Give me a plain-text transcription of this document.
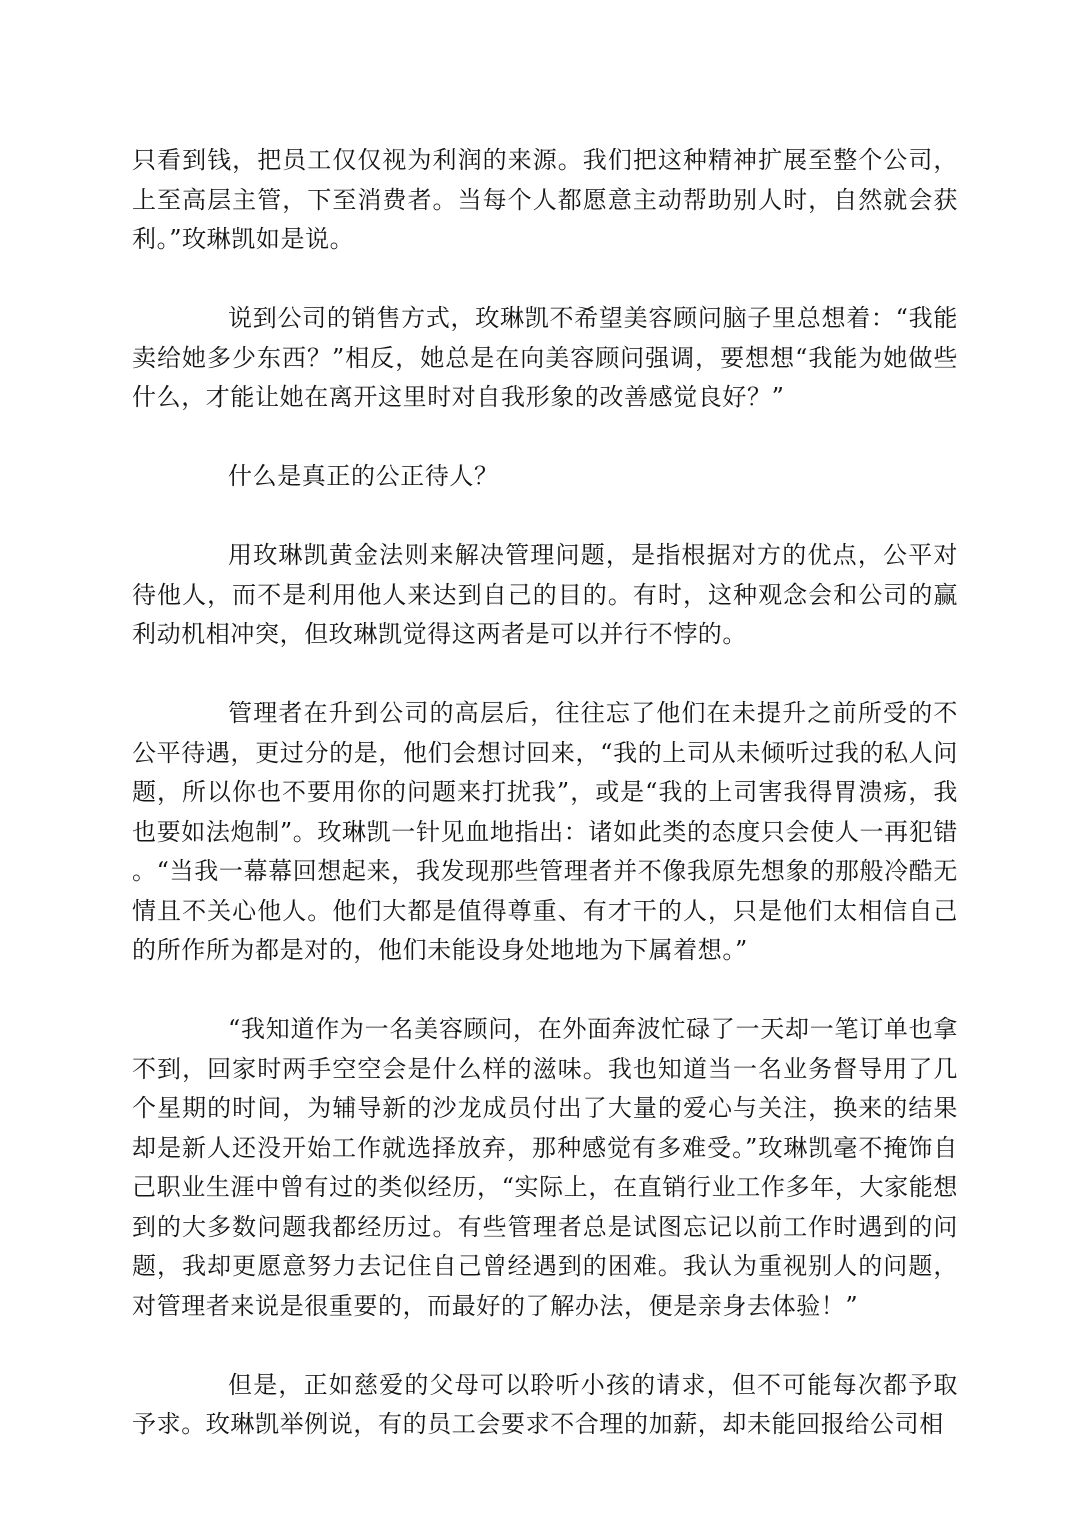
只看到钱，把员工仅仅视为利润的来源。我们把这种精神扩展至整个公司，上至高层主管，下至消费者。当每个人都愿意主动帮助别人时，自然就会获利。”玫琳凯如是说。

说到公司的销售方式，玫琳凯不希望美容顾问脑子里总想着：“我能卖给她多少东西？”相反，她总是在向美容顾问强调，要想想“我能为她做些什么，才能让她在离开这里时对自我形象的改善感觉良好？”

什么是真正的公正待人？

用玫琳凯黄金法则来解决管理问题，是指根据对方的优点，公平对待他人，而不是利用他人来达到自己的目的。有时，这种观念会和公司的赢利动机相冲突，但玫琳凯觉得这两者是可以并行不悖的。

管理者在升到公司的高层后，往往忘了他们在未提升之前所受的不公平待遇，更过分的是，他们会想讨回来，“我的上司从未倾听过我的私人问题，所以你也不要用你的问题来打扰我”，或是“我的上司害我得胃溃疡，我也要如法炮制”。玫琳凯一针见血地指出：诸如此类的态度只会使人一再犯错。“当我一幕幕回想起来，我发现那些管理者并不像我原先想象的那般冷酷无情且不关心他人。他们大都是值得尊重、有才干的人，只是他们太相信自己的所作所为都是对的，他们未能设身处地地为下属着想。”

“我知道作为一名美容顾问，在外面奔波忙碌了一天却一笔订单也拿不到，回家时两手空空会是什么样的滋味。我也知道当一名业务督导用了几个星期的时间，为辅导新的沙龙成员付出了大量的爱心与关注，换来的结果却是新人还没开始工作就选择放弃，那种感觉有多难受。”玫琳凯毫不掩饰自己职业生涯中曾有过的类似经历，“实际上，在直销行业工作多年，大家能想到的大多数问题我都经历过。有些管理者总是试图忘记以前工作时遇到的问题，我却更愿意努力去记住自己曾经遇到的困难。我认为重视别人的问题，对管理者来说是很重要的，而最好的了解办法，便是亲身去体验！”

但是，正如慈爱的父母可以聆听小孩的请求，但不可能每次都予取予求。玫琳凯举例说，有的员工会要求不合理的加薪，却未能回报给公司相
